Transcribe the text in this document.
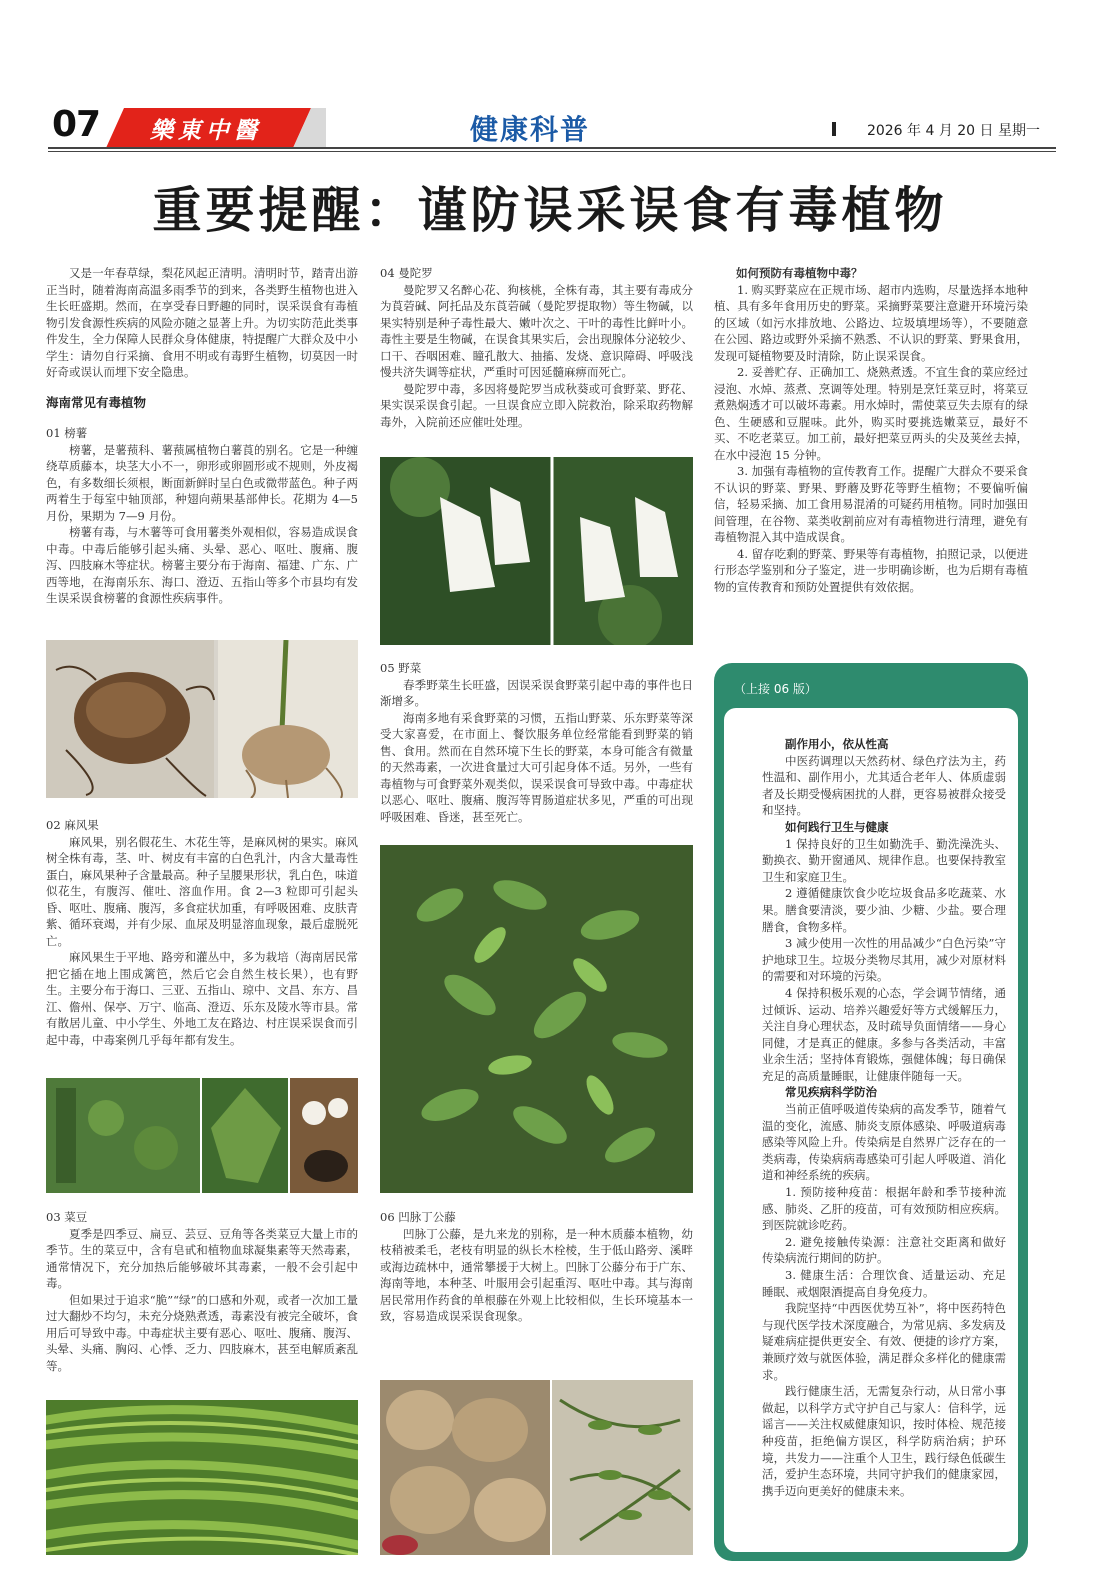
07 樂東中醫	健康科普	2026 年 4 月 20 日 星期一
重要提醒：谨防误采误食有毒植物

又是一年春草绿，梨花风起正清明。清明时节，踏青出游正当时，随着海南高温多雨季节的到来，各类野生植物也进入生长旺盛期。然而，在享受春日野趣的同时，误采误食有毒植物引发食源性疾病的风险亦随之显著上升。为切实防范此类事件发生，全力保障人民群众身体健康，特提醒广大群众及中小学生：请勿自行采摘、食用不明或有毒野生植物，切莫因一时好奇或误认而埋下安全隐患。

海南常见有毒植物

01 榜薯

榜薯，是薯蓣科、薯蓣属植物白薯莨的别名。它是一种缠绕草质藤本，块茎大小不一，卵形或卵圆形或不规则，外皮褐色，有多数细长须根，断面新鲜时呈白色或微带蓝色。种子两两着生于每室中轴顶部，种翅向蒴果基部伸长。花期为 4—5 月份，果期为 7—9 月份。

榜薯有毒，与木薯等可食用薯类外观相似，容易造成误食中毒。中毒后能够引起头痛、头晕、恶心、呕吐、腹痛、腹泻、四肢麻木等症状。榜薯主要分布于海南、福建、广东、广西等地，在海南乐东、海口、澄迈、五指山等多个市县均有发生误采误食榜薯的食源性疾病事件。

02 麻风果

麻风果，别名假花生、木花生等，是麻风树的果实。麻风树全株有毒，茎、叶、树皮有丰富的白色乳汁，内含大量毒性蛋白，麻风果种子含量最高。种子呈腰果形状，乳白色，味道似花生，有腹泻、催吐、溶血作用。食 2—3 粒即可引起头昏、呕吐、腹痛、腹泻，多食症状加重，有呼吸困难、皮肤青紫、循环衰竭，并有少尿、血尿及明显溶血现象，最后虚脱死亡。

麻风果生于平地、路旁和灌丛中，多为栽培（海南居民常把它插在地上围成篱笆，然后它会自然生枝长果），也有野生。主要分布于海口、三亚、五指山、琼中、文昌、东方、昌江、儋州、保亭、万宁、临高、澄迈、乐东及陵水等市县。常有散居儿童、中小学生、外地工友在路边、村庄误采误食而引起中毒，中毒案例几乎每年都有发生。

03 菜豆

夏季是四季豆、扁豆、芸豆、豆角等各类菜豆大量上市的季节。生的菜豆中，含有皂甙和植物血球凝集素等天然毒素，通常情况下，充分加热后能够破坏其毒素，一般不会引起中毒。

但如果过于追求“脆”“绿”的口感和外观，或者一次加工量过大翻炒不均匀，未充分烧熟煮透，毒素没有被完全破坏，食用后可导致中毒。中毒症状主要有恶心、呕吐、腹痛、腹泻、头晕、头痛、胸闷、心悸、乏力、四肢麻木，甚至电解质紊乱等。

04 曼陀罗

曼陀罗又名醉心花、狗核桃，全株有毒，其主要有毒成分为莨菪碱、阿托品及东莨菪碱（曼陀罗提取物）等生物碱，以果实特别是种子毒性最大、嫩叶次之、干叶的毒性比鲜叶小。毒性主要是生物碱，在误食其果实后，会出现腺体分泌较少、口干、吞咽困难、瞳孔散大、抽搐、发烧、意识障碍、呼吸浅慢共济失调等症状，严重时可因延髓麻痹而死亡。

曼陀罗中毒，多因将曼陀罗当成秋葵或可食野菜、野花、果实误采误食引起。一旦误食应立即入院救治，除采取药物解毒外，入院前还应催吐处理。

05 野菜

春季野菜生长旺盛，因误采误食野菜引起中毒的事件也日渐增多。

海南多地有采食野菜的习惯，五指山野菜、乐东野菜等深受大家喜爱，在市面上、餐饮服务单位经常能看到野菜的销售、食用。然而在自然环境下生长的野菜，本身可能含有微量的天然毒素，一次进食量过大可引起身体不适。另外，一些有毒植物与可食野菜外观类似，误采误食可导致中毒。中毒症状以恶心、呕吐、腹痛、腹泻等胃肠道症状多见，严重的可出现呼吸困难、昏迷，甚至死亡。

06 凹脉丁公藤

凹脉丁公藤，是九来龙的别称，是一种木质藤本植物，幼枝稍被柔毛，老枝有明显的纵长木栓棱，生于低山路旁、溪畔或海边疏林中，通常攀援于大树上。凹脉丁公藤分布于广东、海南等地，本种茎、叶服用会引起重泻、呕吐中毒。其与海南居民常用作药食的单根藤在外观上比较相似，生长环境基本一致，容易造成误采误食现象。

如何预防有毒植物中毒？

1. 购买野菜应在正规市场、超市内选购，尽量选择本地种植、具有多年食用历史的野菜。采摘野菜要注意避开环境污染的区域（如污水排放地、公路边、垃圾填埋场等），不要随意在公园、路边或野外采摘不熟悉、不认识的野菜、野果食用，发现可疑植物要及时清除，防止误采误食。

2. 妥善贮存、正确加工、烧熟煮透。不宜生食的菜应经过浸泡、水焯、蒸煮、烹调等处理。特别是烹饪菜豆时，将菜豆煮熟焖透才可以破坏毒素。用水焯时，需使菜豆失去原有的绿色、生硬感和豆腥味。此外，购买时要挑选嫩菜豆，最好不买、不吃老菜豆。加工前，最好把菜豆两头的尖及荚丝去掉，在水中浸泡 15 分钟。

3. 加强有毒植物的宣传教育工作。提醒广大群众不要采食不认识的野菜、野果、野蘑及野花等野生植物；不要偏听偏信，轻易采摘、加工食用易混淆的可疑药用植物。同时加强田间管理，在谷物、菜类收割前应对有毒植物进行清理，避免有毒植物混入其中造成误食。

4. 留存吃剩的野菜、野果等有毒植物，拍照记录，以便进行形态学鉴别和分子鉴定，进一步明确诊断，也为后期有毒植物的宣传教育和预防处置提供有效依据。

（上接 06 版）

副作用小，依从性高

中医药调理以天然药材、绿色疗法为主，药性温和、副作用小，尤其适合老年人、体质虚弱者及长期受慢病困扰的人群，更容易被群众接受和坚持。

如何践行卫生与健康

1 保持良好的卫生如勤洗手、勤洗澡洗头、勤换衣、勤开窗通风、规律作息。也要保持教室卫生和家庭卫生。

2 遵循健康饮食少吃垃圾食品多吃蔬菜、水果。膳食要清淡，要少油、少糖、少盐。要合理膳食，食物多样。

3 减少使用一次性的用品减少“白色污染”守护地球卫生。垃圾分类物尽其用，减少对原材料的需要和对环境的污染。

4 保持积极乐观的心态，学会调节情绪，通过倾诉、运动、培养兴趣爱好等方式缓解压力，关注自身心理状态，及时疏导负面情绪——身心同健，才是真正的健康。多参与各类活动，丰富业余生活；坚持体育锻炼，强健体魄；每日确保充足的高质量睡眠，让健康伴随每一天。

常见疾病科学防治

当前正值呼吸道传染病的高发季节，随着气温的变化，流感、肺炎支原体感染、呼吸道病毒感染等风险上升。传染病是自然界广泛存在的一类病毒，传染病病毒感染可引起人呼吸道、消化道和神经系统的疾病。

1. 预防接种疫苗：根据年龄和季节接种流感、肺炎、乙肝的疫苗，可有效预防相应疾病。到医院就诊吃药。

2. 避免接触传染源：注意社交距离和做好传染病流行期间的防护。

3. 健康生活：合理饮食、适量运动、充足睡眠、戒烟限酒提高自身免疫力。

我院坚持“中西医优势互补”，将中医药特色与现代医学技术深度融合，为常见病、多发病及疑难病症提供更安全、有效、便捷的诊疗方案，兼顾疗效与就医体验，满足群众多样化的健康需求。

践行健康生活，无需复杂行动，从日常小事做起，以科学方式守护自己与家人：信科学，远谣言——关注权威健康知识，按时体检、规范接种疫苗，拒绝偏方误区，科学防病治病；护环境，共发力——注重个人卫生，践行绿色低碳生活，爱护生态环境，共同守护我们的健康家园，携手迈向更美好的健康未来。
